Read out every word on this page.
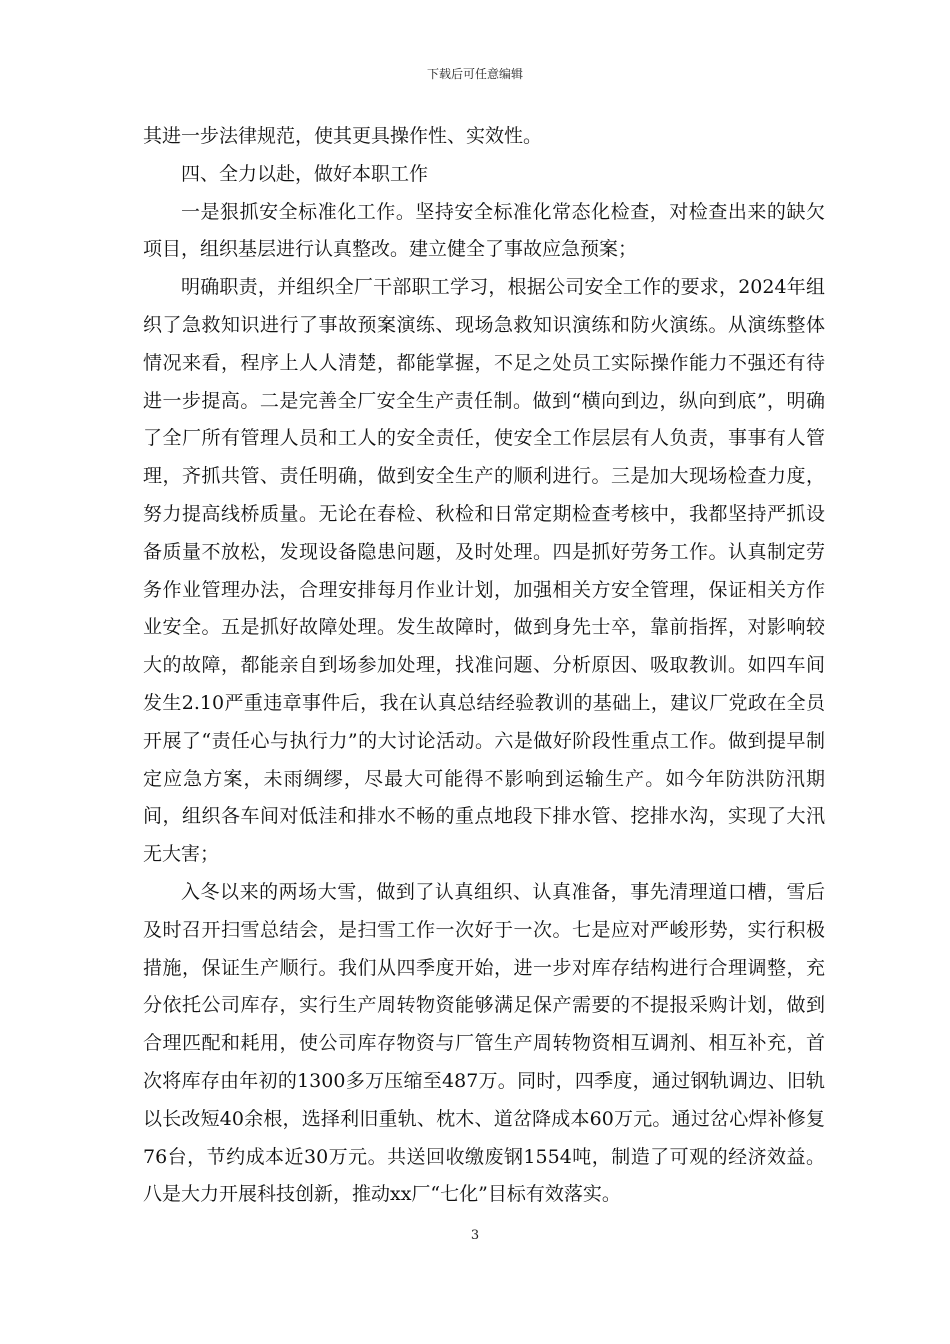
下载后可任意编辑

其进一步法律规范，使其更具操作性、实效性。

四、全力以赴，做好本职工作

一是狠抓安全标准化工作。坚持安全标准化常态化检查，对检查出来的缺欠项目，组织基层进行认真整改。建立健全了事故应急预案；

明确职责，并组织全厂干部职工学习，根据公司安全工作的要求，2024年组织了急救知识进行了事故预案演练、现场急救知识演练和防火演练。从演练整体情况来看，程序上人人清楚，都能掌握，不足之处员工实际操作能力不强还有待进一步提高。二是完善全厂安全生产责任制。做到“横向到边，纵向到底”，明确了全厂所有管理人员和工人的安全责任，使安全工作层层有人负责，事事有人管理，齐抓共管、责任明确，做到安全生产的顺利进行。三是加大现场检查力度，努力提高线桥质量。无论在春检、秋检和日常定期检查考核中，我都坚持严抓设备质量不放松，发现设备隐患问题，及时处理。四是抓好劳务工作。认真制定劳务作业管理办法，合理安排每月作业计划，加强相关方安全管理，保证相关方作业安全。五是抓好故障处理。发生故障时，做到身先士卒，靠前指挥，对影响较大的故障，都能亲自到场参加处理，找准问题、分析原因、吸取教训。如四车间发生2.10严重违章事件后，我在认真总结经验教训的基础上，建议厂党政在全员开展了“责任心与执行力”的大讨论活动。六是做好阶段性重点工作。做到提早制定应急方案，未雨绸缪，尽最大可能得不影响到运输生产。如今年防洪防汛期间，组织各车间对低洼和排水不畅的重点地段下排水管、挖排水沟，实现了大汛无大害；

入冬以来的两场大雪，做到了认真组织、认真准备，事先清理道口槽，雪后及时召开扫雪总结会，是扫雪工作一次好于一次。七是应对严峻形势，实行积极措施，保证生产顺行。我们从四季度开始，进一步对库存结构进行合理调整，充分依托公司库存，实行生产周转物资能够满足保产需要的不提报采购计划，做到合理匹配和耗用，使公司库存物资与厂管生产周转物资相互调剂、相互补充，首次将库存由年初的1300多万压缩至487万。同时，四季度，通过钢轨调边、旧轨以长改短40余根，选择利旧重轨、枕木、道岔降成本60万元。通过岔心焊补修复76台，节约成本近30万元。共送回收缴废钢1554吨，制造了可观的经济效益。八是大力开展科技创新，推动xx厂“七化”目标有效落实。

3
